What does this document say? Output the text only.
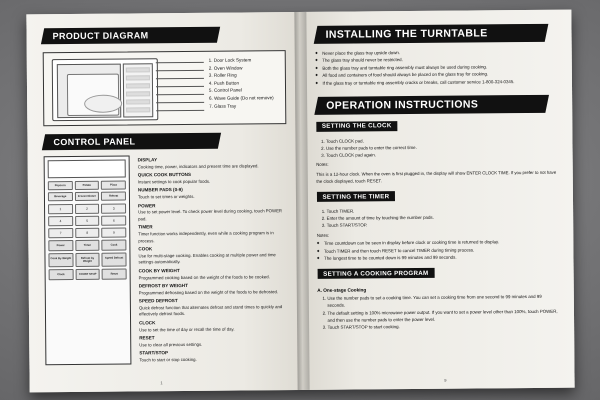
PRODUCT DIAGRAM
1. Door Lock System
2. Oven Window
3. Roller Ring
4. Push Button
5. Control Panel
6. Wave Guide (Do not remove)
7. Glass Tray
CONTROL PANEL
Popcorn	Potato	Pizza
Beverage	Frozen Dinner	Reheat
1	2	3
4	5	6
7	8	9
Power	Timer	Cook
Cook By Weight	Defrost by Weight
Speed Defrost
Clock	COUNT STOP	Reset
DISPLAY
Cooking time, power, indicators and present time are displayed.
QUICK COOK BUTTONS
Instant settings to cook popular foods.
NUMBER PADS (0-9)
Touch to set times or weights.
POWER
Use to set power level. To check power level during cooking, touch POWER pad.
TIMER
Timer function works independently, even while a cooking program is in process.
COOK
Use for multi-stage cooking. Enables cooking at multiple power and time settings automatically.
COOK BY WEIGHT
Programmed cooking based on the weight of the foods to be cooked.
DEFROST BY WEIGHT
Programmed defrosting based on the weight of the foods to be defrosted.
SPEED DEFROST
Quick defrost function that alternates defrost and stand times to quickly and effectively defrost foods.
CLOCK
Use to set the time of day or recall the time of day.
RESET
Use to clear all previous settings.
START/STOP
Touch to start or stop cooking.
1
INSTALLING THE TURNTABLE
◆ Never place the glass tray upside down.
◆ The glass tray should never be restricted.
◆ Both the glass tray and turntable ring assembly must always be used during cooking.
◆ All food and containers of food should always be placed on the glass tray for cooking.
◆ If the glass tray or turntable ring assembly cracks or breaks, call customer service 1-800-324-0345.
OPERATION INSTRUCTIONS
SETTING THE CLOCK
1. Touch CLOCK pad.
2. Use the number pads to enter the correct time.
3. Touch CLOCK pad again.
Notes:
This is a 12-hour clock. When the oven is first plugged in, the display will show ENTER CLOCK TIME. If you prefer to not have the clock displayed, touch RESET.
SETTING THE TIMER
1. Touch TIMER.
2. Enter the amount of time by touching the number pads.
3. Touch START/STOP.
Notes:
◆ Time countdown can be seen in display before clock or cooking time is returned to display.
◆ Touch TIMER and then touch RESET to cancel TIMER during timing process.
◆ The longest time to be counted down is 99 minutes and 99 seconds.
SETTING A COOKING PROGRAM
A. One-stage Cooking
1. Use the number pads to set a cooking time. You can set a cooking time from one second to 99 minutes and 99 seconds.
2. The default setting is 100% microwave power output. If you want to set a power level other than 100%, touch POWER, and then use the number pads to enter the power level.
3. Touch START/STOP to start cooking.
9
